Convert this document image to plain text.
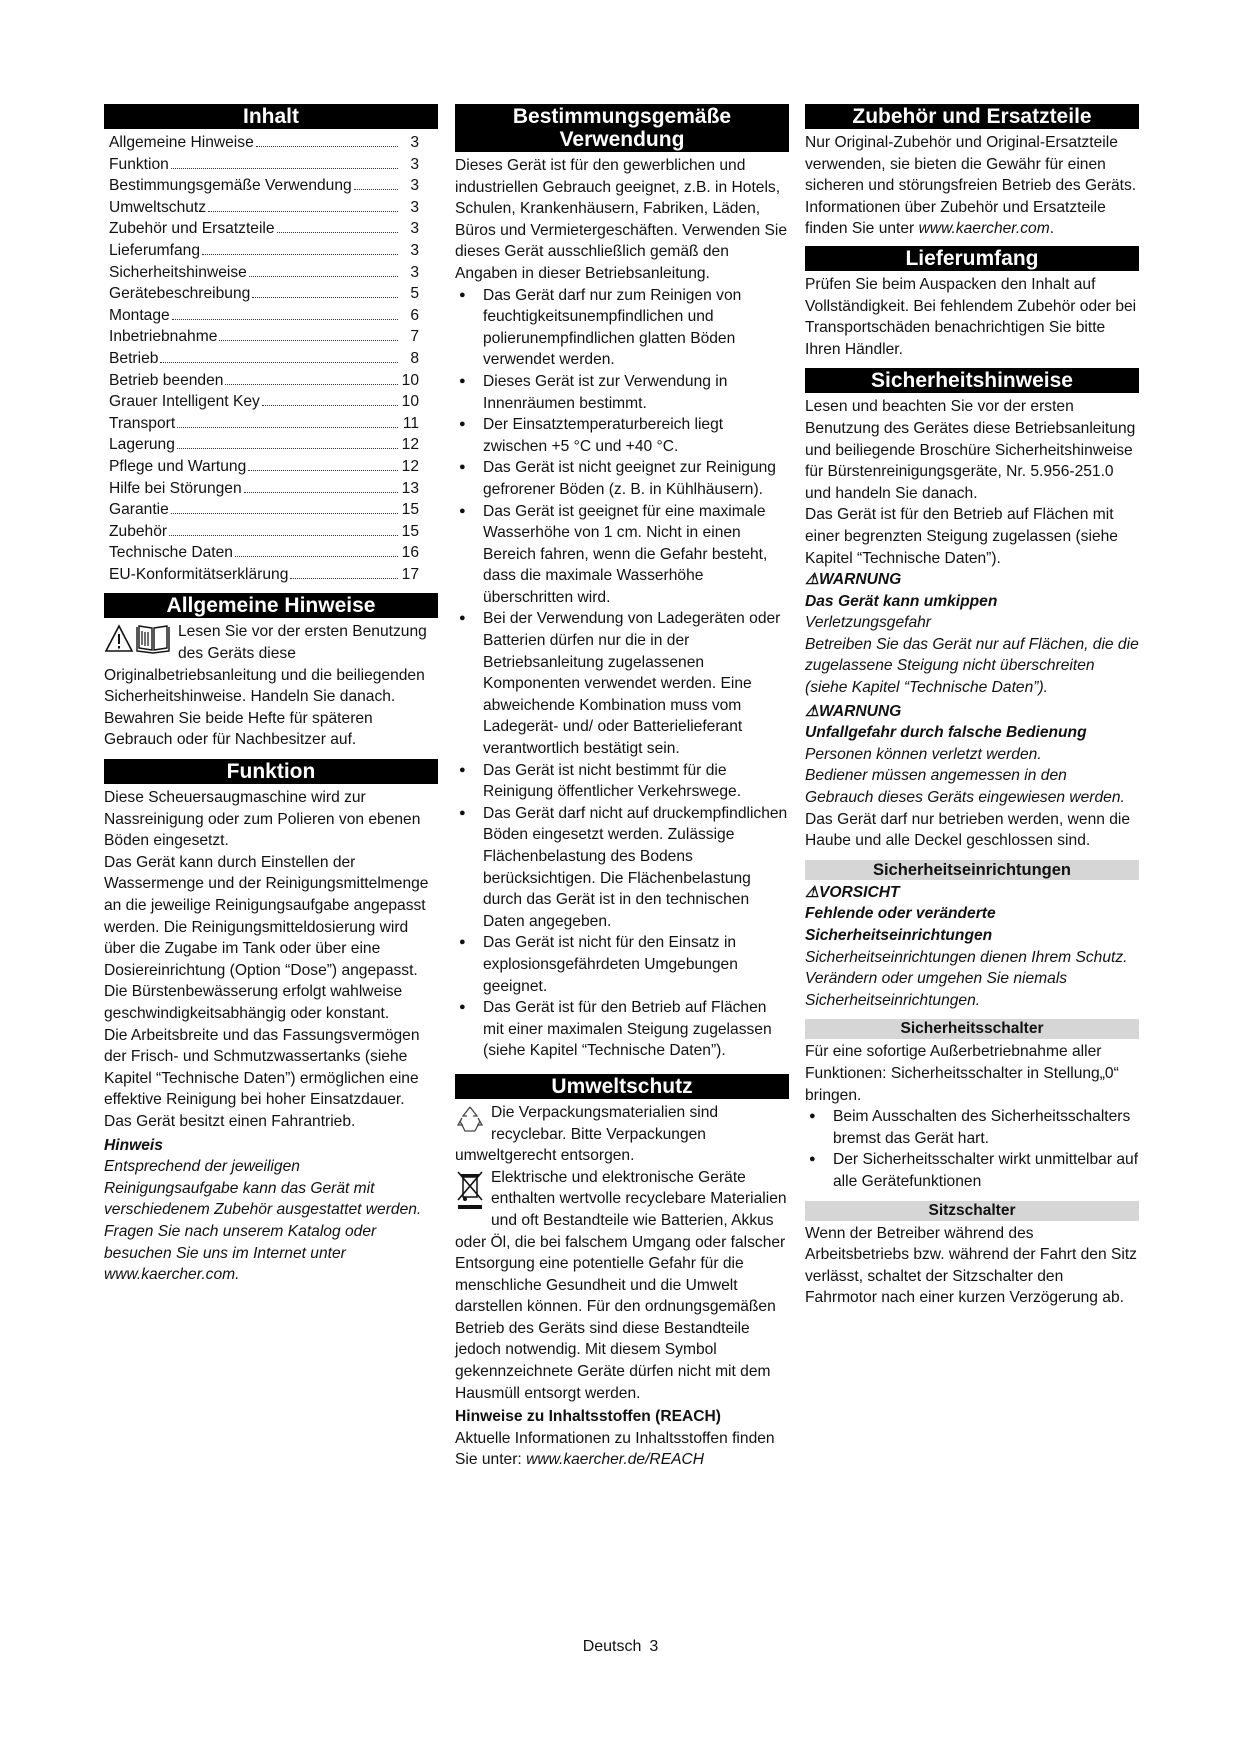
Inhalt
Allgemeine Hinweise	3
Funktion	3
Bestimmungsgemäße Verwendung	3
Umweltschutz	3
Zubehör und Ersatzteile	3
Lieferumfang	3
Sicherheitshinweise	3
Gerätebeschreibung	5
Montage	6
Inbetriebnahme	7
Betrieb	8
Betrieb beenden	10
Grauer Intelligent Key	10
Transport	11
Lagerung	12
Pflege und Wartung	12
Hilfe bei Störungen	13
Garantie	15
Zubehör	15
Technische Daten	16
EU-Konformitätserklärung	17
Allgemeine Hinweise

Lesen Sie vor der ersten Benutzung des Geräts diese Originalbetriebsanleitung und die beiliegenden Sicherheitshinweise. Handeln Sie danach.

Bewahren Sie beide Hefte für späteren Gebrauch oder für Nachbesitzer auf.

Funktion

Diese Scheuersaugmaschine wird zur Nassreinigung oder zum Polieren von ebenen Böden eingesetzt.

Das Gerät kann durch Einstellen der Wassermenge und der Reinigungsmittelmenge an die jeweilige Reinigungsaufgabe angepasst werden. Die Reinigungsmitteldosierung wird über die Zugabe im Tank oder über eine Dosiereinrichtung (Option “Dose”) angepasst.

Die Bürstenbewässerung erfolgt wahlweise geschwindigkeitsabhängig oder konstant.

Die Arbeitsbreite und das Fassungsvermögen der Frisch- und Schmutzwassertanks (siehe Kapitel “Technische Daten”) ermöglichen eine effektive Reinigung bei hoher Einsatzdauer.

Das Gerät besitzt einen Fahrantrieb.

Hinweis

Entsprechend der jeweiligen Reinigungsaufgabe kann das Gerät mit verschiedenem Zubehör ausgestattet werden. Fragen Sie nach unserem Katalog oder besuchen Sie uns im Internet unter www.kaercher.com.

Bestimmungsgemäße
Verwendung

Dieses Gerät ist für den gewerblichen und industriellen Gebrauch geeignet, z.B. in Hotels, Schulen, Krankenhäusern, Fabriken, Läden, Büros und Vermietergeschäften. Verwenden Sie dieses Gerät ausschließlich gemäß den Angaben in dieser Betriebsanleitung.

● Das Gerät darf nur zum Reinigen von feuchtigkeitsunempfindlichen und polierunempfindlichen glatten Böden verwendet werden.
● Dieses Gerät ist zur Verwendung in Innenräumen bestimmt.
● Der Einsatztemperaturbereich liegt zwischen +5 °C und +40 °C.
● Das Gerät ist nicht geeignet zur Reinigung gefrorener Böden (z. B. in Kühlhäusern).
● Das Gerät ist geeignet für eine maximale Wasserhöhe von 1 cm. Nicht in einen Bereich fahren, wenn die Gefahr besteht, dass die maximale Wasserhöhe überschritten wird.
● Bei der Verwendung von Ladegeräten oder Batterien dürfen nur die in der Betriebsanleitung zugelassenen Komponenten verwendet werden. Eine abweichende Kombination muss vom Ladegerät- und/ oder Batterielieferant verantwortlich bestätigt sein.
● Das Gerät ist nicht bestimmt für die Reinigung öffentlicher Verkehrswege.
● Das Gerät darf nicht auf druckempfindlichen Böden eingesetzt werden. Zulässige Flächenbelastung des Bodens berücksichtigen. Die Flächenbelastung durch das Gerät ist in den technischen Daten angegeben.
● Das Gerät ist nicht für den Einsatz in explosionsgefährdeten Umgebungen geeignet.
● Das Gerät ist für den Betrieb auf Flächen mit einer maximalen Steigung zugelassen (siehe Kapitel “Technische Daten”).
Umweltschutz

Die Verpackungsmaterialien sind recyclebar. Bitte Verpackungen umweltgerecht entsorgen.

Elektrische und elektronische Geräte enthalten wertvolle recyclebare Materialien und oft Bestandteile wie Batterien, Akkus oder Öl, die bei falschem Umgang oder falscher Entsorgung eine potentielle Gefahr für die menschliche Gesundheit und die Umwelt darstellen können. Für den ordnungsgemäßen Betrieb des Geräts sind diese Bestandteile jedoch notwendig. Mit diesem Symbol gekennzeichnete Geräte dürfen nicht mit dem Hausmüll entsorgt werden.

Hinweise zu Inhaltsstoffen (REACH)

Aktuelle Informationen zu Inhaltsstoffen finden Sie unter: www.kaercher.de/REACH

Zubehör und Ersatzteile

Nur Original-Zubehör und Original-Ersatzteile verwenden, sie bieten die Gewähr für einen sicheren und störungsfreien Betrieb des Geräts.

Informationen über Zubehör und Ersatzteile finden Sie unter www.kaercher.com.

Lieferumfang

Prüfen Sie beim Auspacken den Inhalt auf Vollständigkeit. Bei fehlendem Zubehör oder bei Transportschäden benachrichtigen Sie bitte Ihren Händler.

Sicherheitshinweise

Lesen und beachten Sie vor der ersten Benutzung des Gerätes diese Betriebsanleitung und beiliegende Broschüre Sicherheitshinweise für Bürstenreinigungsgeräte, Nr. 5.956-251.0 und handeln Sie danach.

Das Gerät ist für den Betrieb auf Flächen mit einer begrenzten Steigung zugelassen (siehe Kapitel “Technische Daten”).

⚠WARNUNG

Das Gerät kann umkippen

Verletzungsgefahr

Betreiben Sie das Gerät nur auf Flächen, die die zugelassene Steigung nicht überschreiten (siehe Kapitel “Technische Daten”).

⚠WARNUNG

Unfallgefahr durch falsche Bedienung

Personen können verletzt werden.

Bediener müssen angemessen in den Gebrauch dieses Geräts eingewiesen werden.

Das Gerät darf nur betrieben werden, wenn die Haube und alle Deckel geschlossen sind.

Sicherheitseinrichtungen

⚠VORSICHT

Fehlende oder veränderte Sicherheitseinrichtungen

Sicherheitseinrichtungen dienen Ihrem Schutz.

Verändern oder umgehen Sie niemals Sicherheitseinrichtungen.

Sicherheitsschalter

Für eine sofortige Außerbetriebnahme aller Funktionen: Sicherheitsschalter in Stellung„0“ bringen.

● Beim Ausschalten des Sicherheitsschalters bremst das Gerät hart.
● Der Sicherheitsschalter wirkt unmittelbar auf alle Gerätefunktionen
Sitzschalter

Wenn der Betreiber während des Arbeitsbetriebs bzw. während der Fahrt den Sitz verlässt, schaltet der Sitzschalter den Fahrmotor nach einer kurzen Verzögerung ab.

Deutsch 3
